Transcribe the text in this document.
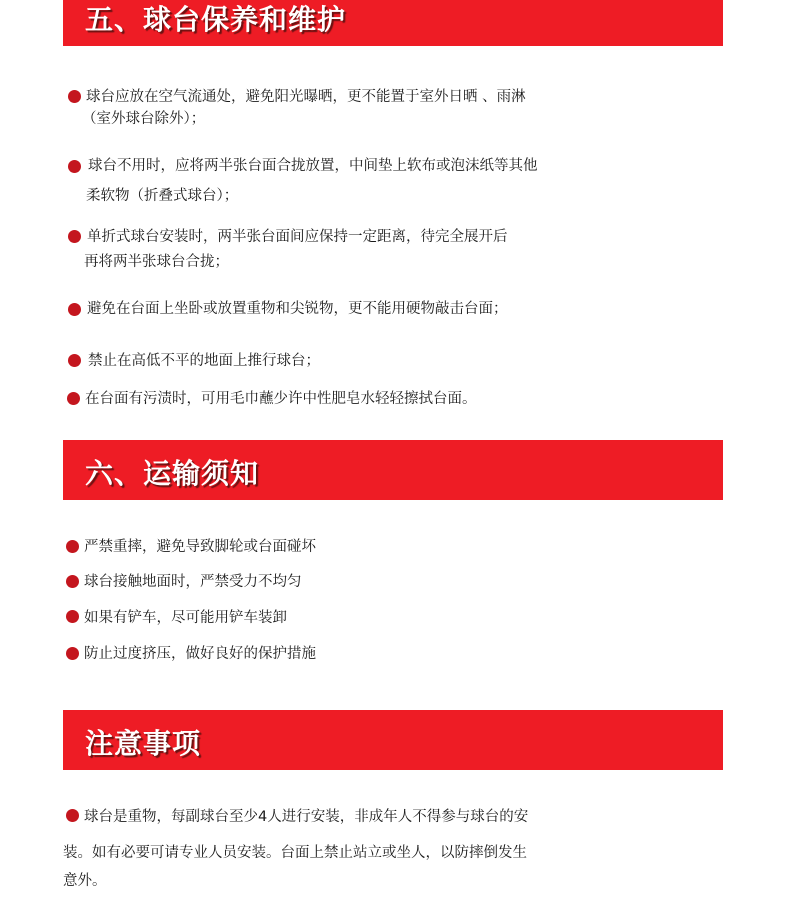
五、球台保养和维护
球台应放在空气流通处，避免阳光曝晒，更不能置于室外日晒 、雨淋
（室外球台除外）；
球台不用时，应将两半张台面合拢放置，中间垫上软布或泡沫纸等其他
柔软物（折叠式球台）；
单折式球台安装时，两半张台面间应保持一定距离，待完全展开后
再将两半张球台合拢；
避免在台面上坐卧或放置重物和尖锐物，更不能用硬物敲击台面；
禁止在高低不平的地面上推行球台；
在台面有污渍时，可用毛巾蘸少许中性肥皂水轻轻擦拭台面。
六、运输须知
严禁重摔，避免导致脚轮或台面碰坏
球台接触地面时，严禁受力不均匀
如果有铲车，尽可能用铲车装卸
防止过度挤压，做好良好的保护措施
注意事项
球台是重物，每副球台至少4人进行安装，非成年人不得参与球台的安
装。如有必要可请专业人员安装。台面上禁止站立或坐人，以防摔倒发生
意外。
